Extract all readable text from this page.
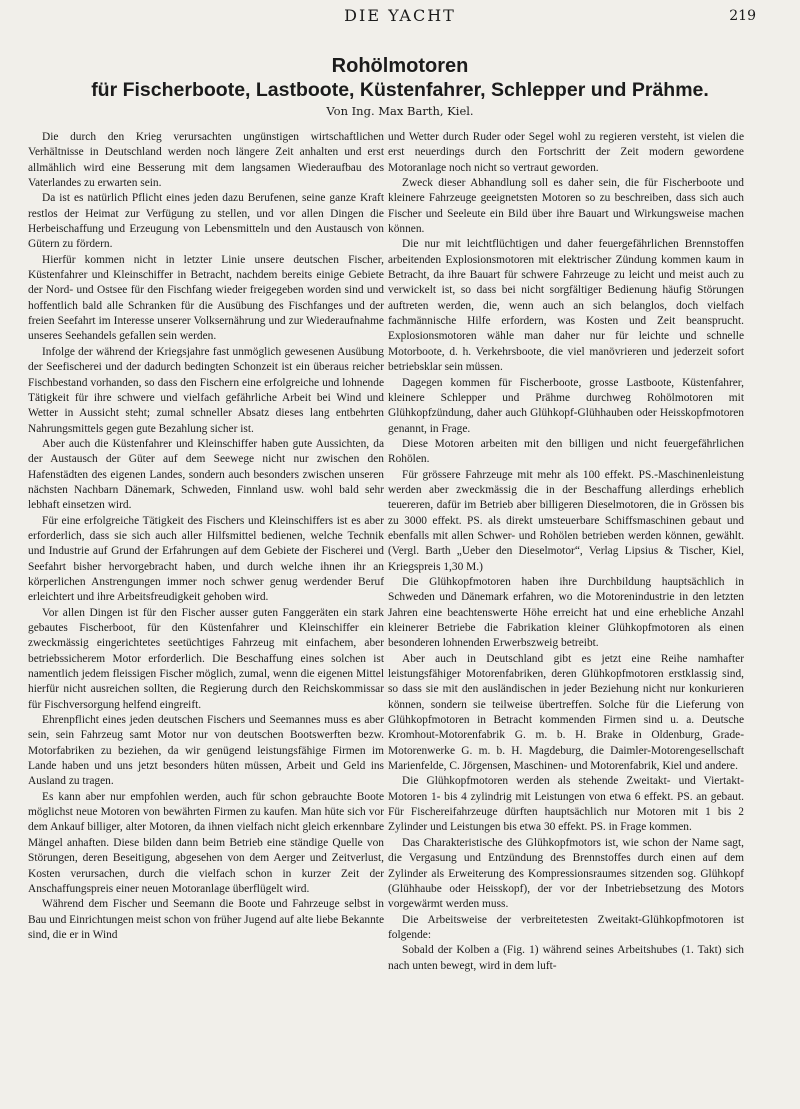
DIE YACHT	219
Rohölmotoren
für Fischerboote, Lastboote, Küstenfahrer, Schlepper und Prähme.
Von Ing. Max Barth, Kiel.

Die durch den Krieg verursachten ungünstigen wirtschaftlichen Verhältnisse in Deutschland werden noch längere Zeit anhalten und erst allmählich wird eine Besserung mit dem langsamen Wiederaufbau des Vaterlandes zu erwarten sein.

Da ist es natürlich Pflicht eines jeden dazu Berufenen, seine ganze Kraft restlos der Heimat zur Verfügung zu stellen, und vor allen Dingen die Herbeischaffung und Erzeugung von Lebensmitteln und den Austausch von Gütern zu fördern.

Hierfür kommen nicht in letzter Linie unsere deutschen Fischer, Küstenfahrer und Kleinschiffer in Betracht, nachdem bereits einige Gebiete der Nord- und Ostsee für den Fischfang wieder freigegeben worden sind und hoffentlich bald alle Schranken für die Ausübung des Fischfanges und der freien Seefahrt im Interesse unserer Volksernährung und zur Wiederaufnahme unseres Seehandels gefallen sein werden.

Infolge der während der Kriegsjahre fast unmöglich gewesenen Ausübung der Seefischerei und der dadurch bedingten Schonzeit ist ein überaus reicher Fischbestand vorhanden, so dass den Fischern eine erfolgreiche und lohnende Tätigkeit für ihre schwere und vielfach gefährliche Arbeit bei Wind und Wetter in Aussicht steht; zumal schneller Absatz dieses lang entbehrten Nahrungsmittels gegen gute Bezahlung sicher ist.

Aber auch die Küstenfahrer und Kleinschiffer haben gute Aussichten, da der Austausch der Güter auf dem Seewege nicht nur zwischen den Hafenstädten des eigenen Landes, sondern auch besonders zwischen unseren nächsten Nachbarn Dänemark, Schweden, Finnland usw. wohl bald sehr lebhaft einsetzen wird.

Für eine erfolgreiche Tätigkeit des Fischers und Kleinschiffers ist es aber erforderlich, dass sie sich auch aller Hilfsmittel bedienen, welche Technik und Industrie auf Grund der Erfahrungen auf dem Gebiete der Fischerei und Seefahrt bisher hervorgebracht haben, und durch welche ihnen ihr an körperlichen Anstrengungen immer noch schwer genug werdender Beruf erleichtert und ihre Arbeitsfreudigkeit gehoben wird.

Vor allen Dingen ist für den Fischer ausser guten Fanggeräten ein stark gebautes Fischerboot, für den Küstenfahrer und Kleinschiffer ein zweckmässig eingerichtetes seetüchtiges Fahrzeug mit einfachem, aber betriebssicherem Motor erforderlich. Die Beschaffung eines solchen ist namentlich jedem fleissigen Fischer möglich, zumal, wenn die eigenen Mittel hierfür nicht ausreichen sollten, die Regierung durch den Reichskommissar für Fischversorgung helfend eingreift.

Ehrenpflicht eines jeden deutschen Fischers und Seemannes muss es aber sein, sein Fahrzeug samt Motor nur von deutschen Bootswerften bezw. Motorfabriken zu beziehen, da wir genügend leistungsfähige Firmen im Lande haben und uns jetzt besonders hüten müssen, Arbeit und Geld ins Ausland zu tragen.

Es kann aber nur empfohlen werden, auch für schon gebrauchte Boote möglichst neue Motoren von bewährten Firmen zu kaufen. Man hüte sich vor dem Ankauf billiger, alter Motoren, da ihnen vielfach nicht gleich erkennbare Mängel anhaften. Diese bilden dann beim Betrieb eine ständige Quelle von Störungen, deren Beseitigung, abgesehen von dem Aerger und Zeitverlust, Kosten verursachen, durch die vielfach schon in kurzer Zeit der Anschaffungspreis einer neuen Motoranlage überflügelt wird.

Während dem Fischer und Seemann die Boote und Fahrzeuge selbst in Bau und Einrichtungen meist schon von früher Jugend auf alte liebe Bekannte sind, die er in Wind

und Wetter durch Ruder oder Segel wohl zu regieren versteht, ist vielen die erst neuerdings durch den Fortschritt der Zeit modern gewordene Motoranlage noch nicht so vertraut geworden.

Zweck dieser Abhandlung soll es daher sein, die für Fischerboote und kleinere Fahrzeuge geeignetsten Motoren so zu beschreiben, dass sich auch Fischer und Seeleute ein Bild über ihre Bauart und Wirkungsweise machen können.

Die nur mit leichtflüchtigen und daher feuergefährlichen Brennstoffen arbeitenden Explosionsmotoren mit elektrischer Zündung kommen kaum in Betracht, da ihre Bauart für schwere Fahrzeuge zu leicht und meist auch zu verwickelt ist, so dass bei nicht sorgfältiger Bedienung häufig Störungen auftreten werden, die, wenn auch an sich belanglos, doch vielfach fachmännische Hilfe erfordern, was Kosten und Zeit beansprucht. Explosionsmotoren wähle man daher nur für leichte und schnelle Motorboote, d. h. Verkehrsboote, die viel manövrieren und jederzeit sofort betriebsklar sein müssen.

Dagegen kommen für Fischerboote, grosse Lastboote, Küstenfahrer, kleinere Schlepper und Prähme durchweg Rohölmotoren mit Glühkopfzündung, daher auch Glühkopf-Glühhauben oder Heisskopfmotoren genannt, in Frage.

Diese Motoren arbeiten mit den billigen und nicht feuergefährlichen Rohölen.

Für grössere Fahrzeuge mit mehr als 100 effekt. PS.-Maschinenleistung werden aber zweckmässig die in der Beschaffung allerdings erheblich teuereren, dafür im Betrieb aber billigeren Dieselmotoren, die in Grössen bis zu 3000 effekt. PS. als direkt umsteuerbare Schiffsmaschinen gebaut und ebenfalls mit allen Schwer- und Rohölen betrieben werden können, gewählt. (Vergl. Barth „Ueber den Dieselmotor“, Verlag Lipsius & Tischer, Kiel, Kriegspreis 1,30 M.)

Die Glühkopfmotoren haben ihre Durchbildung hauptsächlich in Schweden und Dänemark erfahren, wo die Motorenindustrie in den letzten Jahren eine beachtenswerte Höhe erreicht hat und eine erhebliche Anzahl kleinerer Betriebe die Fabrikation kleiner Glühkopfmotoren als einen besonderen lohnenden Erwerbszweig betreibt.

Aber auch in Deutschland gibt es jetzt eine Reihe namhafter leistungsfähiger Motorenfabriken, deren Glühkopfmotoren erstklassig sind, so dass sie mit den ausländischen in jeder Beziehung nicht nur konkurieren können, sondern sie teilweise übertreffen. Solche für die Lieferung von Glühkopfmotoren in Betracht kommenden Firmen sind u. a. Deutsche Kromhout-Motorenfabrik G. m. b. H. Brake in Oldenburg, Grade-Motorenwerke G. m. b. H. Magdeburg, die Daimler-Motorengesellschaft Marienfelde, C. Jörgensen, Maschinen- und Motorenfabrik, Kiel und andere.

Die Glühkopfmotoren werden als stehende Zweitakt- und Viertakt-Motoren 1- bis 4 zylindrig mit Leistungen von etwa 6 effekt. PS. an gebaut. Für Fischereifahrzeuge dürften hauptsächlich nur Motoren mit 1 bis 2 Zylinder und Leistungen bis etwa 30 effekt. PS. in Frage kommen.

Das Charakteristische des Glühkopfmotors ist, wie schon der Name sagt, die Vergasung und Entzündung des Brennstoffes durch einen auf dem Zylinder als Erweiterung des Kompressionsraumes sitzenden sog. Glühkopf (Glühhaube oder Heisskopf), der vor der Inbetriebsetzung des Motors vorgewärmt werden muss.

Die Arbeitsweise der verbreitetesten Zweitakt-Glühkopfmotoren ist folgende:

Sobald der Kolben a (Fig. 1) während seines Arbeitshubes (1. Takt) sich nach unten bewegt, wird in dem luft-
